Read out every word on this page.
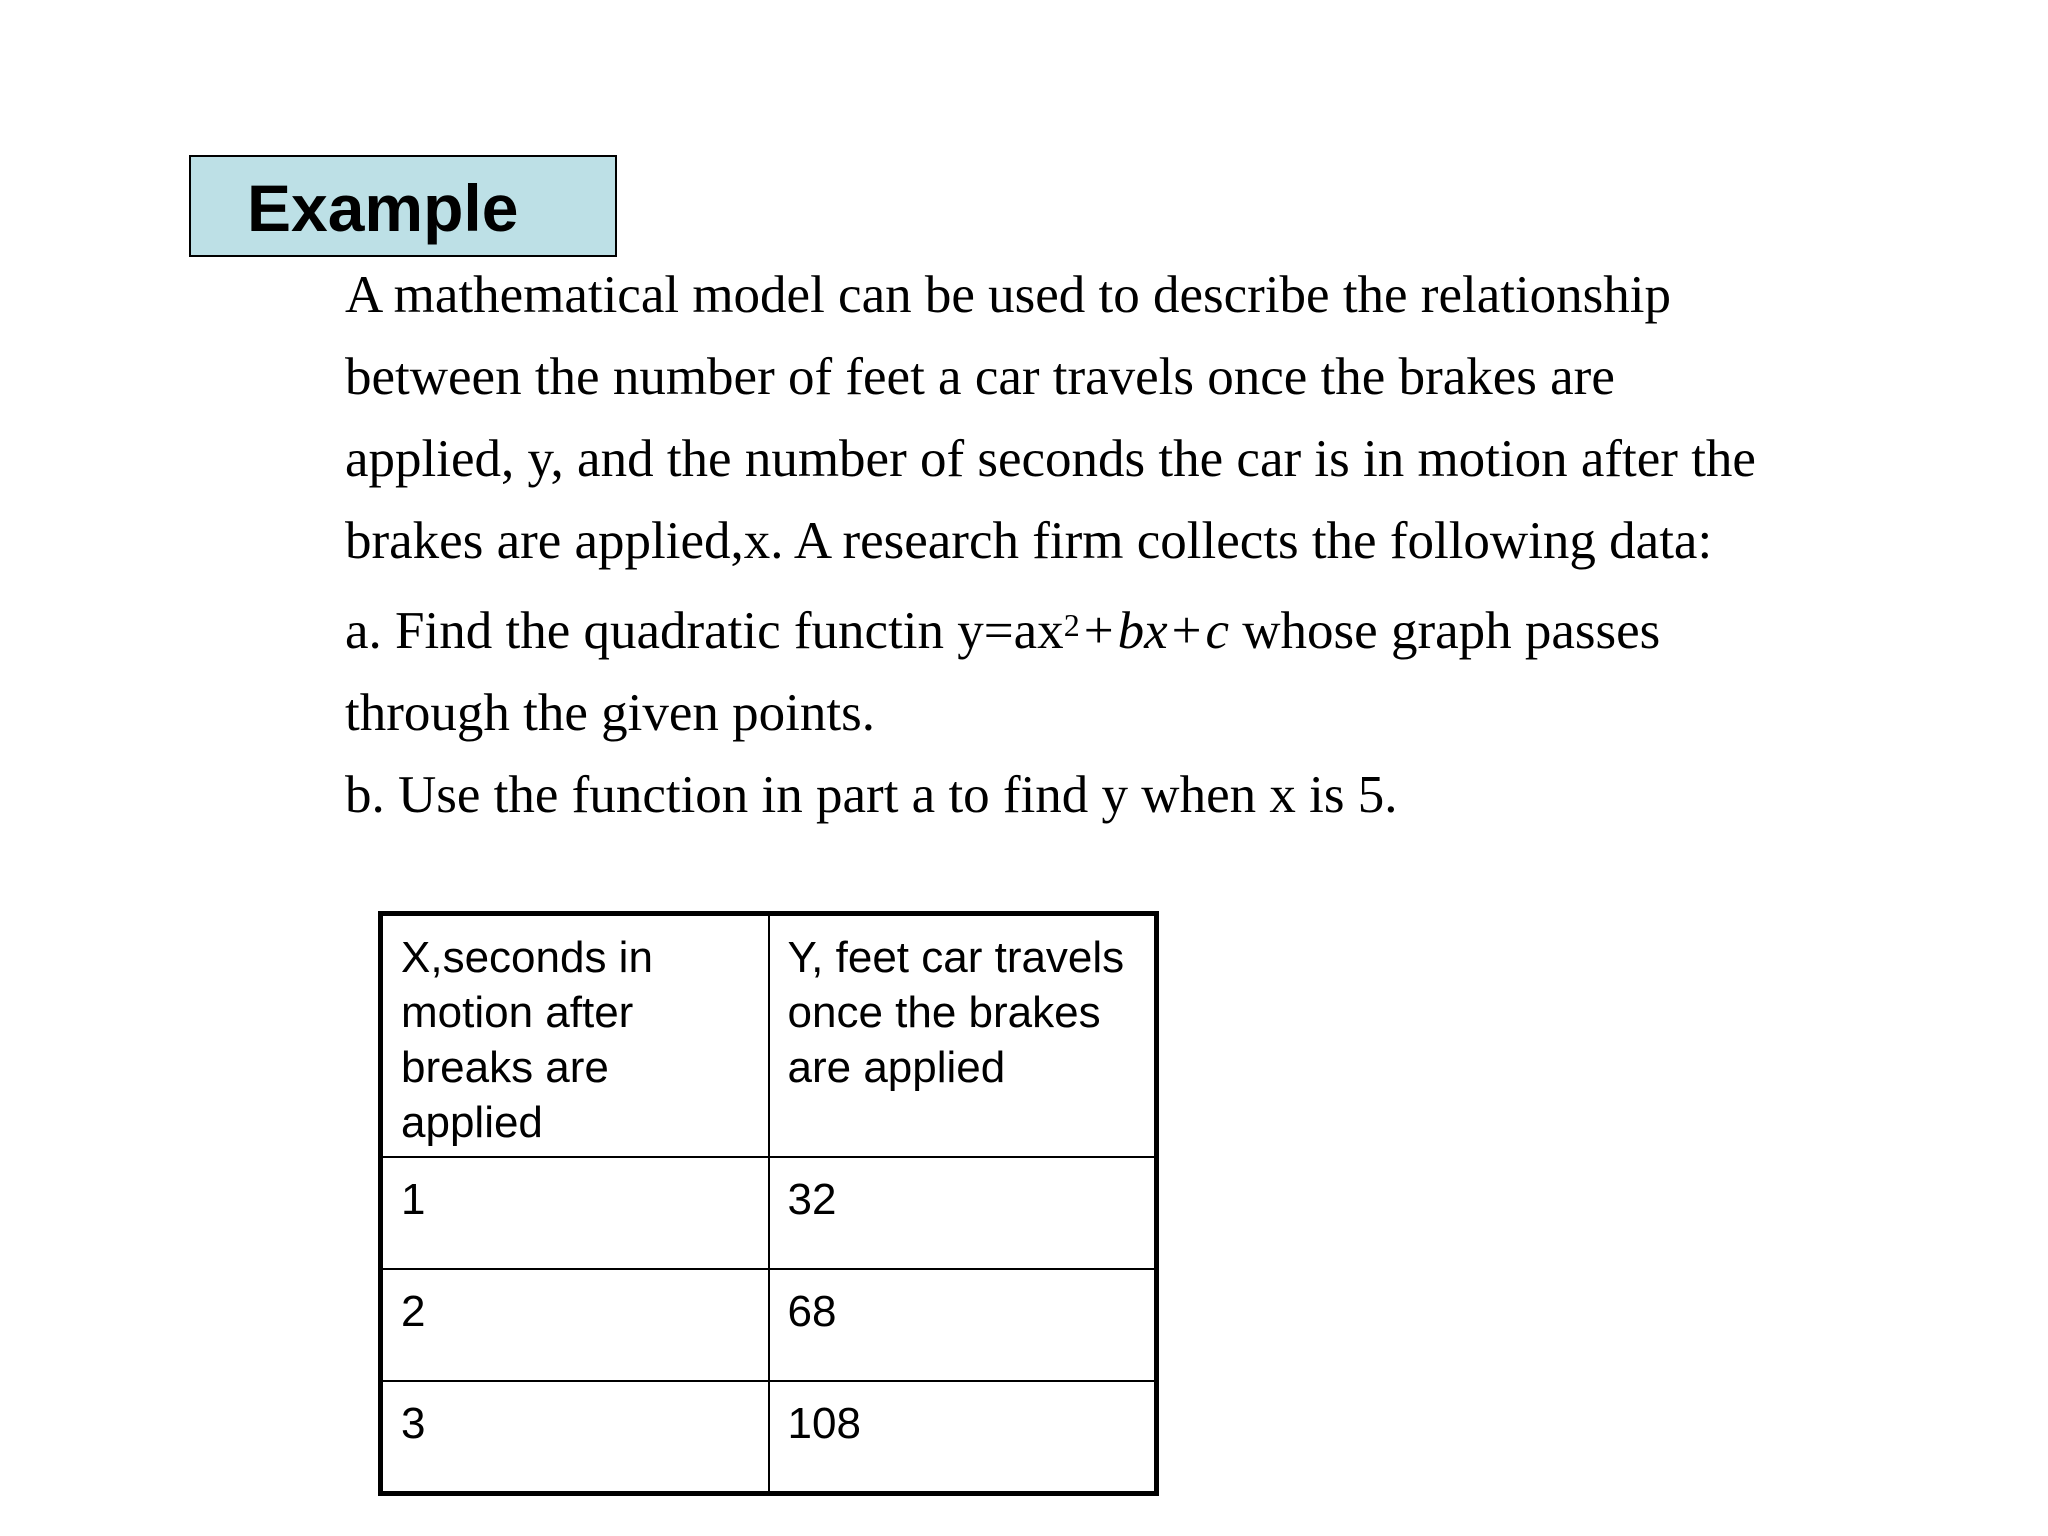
Example

A mathematical model can be used to describe the relationship between the number of feet a car travels once the brakes are applied, y, and the number of seconds the car is in motion after the brakes are applied,x. A research firm collects the following data:

a. Find the quadratic functin $y=ax^2+bx+c$ whose graph passes through the given points.

b. Use the function in part a to find y when x is 5.

X,seconds in motion after breaks are applied	Y, feet car travels once the brakes are applied
1	32
2	68
3	108
